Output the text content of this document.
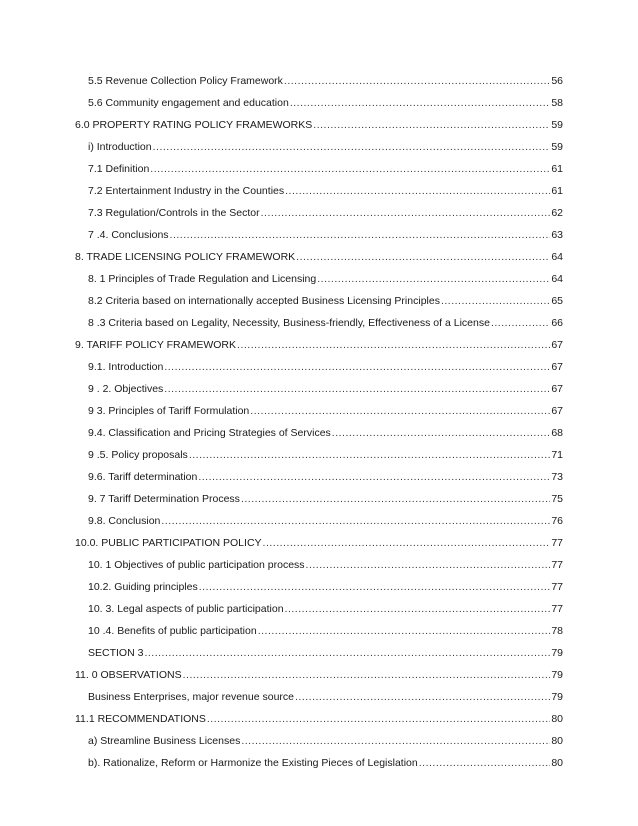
5.5 Revenue Collection Policy Framework .....	56
5.6 Community engagement and education .....	58
6.0 PROPERTY RATING POLICY FRAMEWORKS .....	59
i) Introduction .....	59
7.1 Definition .....	61
7.2 Entertainment Industry in the Counties .....	61
7.3 Regulation/Controls in the Sector .....	62
7 .4. Conclusions .....	63
8. TRADE LICENSING POLICY FRAMEWORK .....	64
8. 1 Principles of Trade Regulation and Licensing .....	64
8.2 Criteria based on internationally accepted Business Licensing Principles .....	65
8 .3 Criteria based on Legality, Necessity, Business-friendly, Effectiveness of a License .....	66
9. TARIFF POLICY FRAMEWORK .....	67
9.1. Introduction .....	67
9 . 2. Objectives .....	67
9 3. Principles of Tariff Formulation .....	67
9.4. Classification and Pricing Strategies of Services .....	68
9 .5. Policy proposals .....	71
9.6. Tariff determination .....	73
9. 7 Tariff Determination Process .....	75
9.8. Conclusion .....	76
10.0. PUBLIC PARTICIPATION POLICY .....	77
10. 1 Objectives of public participation process .....	77
10.2. Guiding principles .....	77
10. 3. Legal aspects of public participation .....	77
10 .4. Benefits of public participation .....	78
SECTION 3 .....	79
11. 0 OBSERVATIONS .....	79
Business Enterprises, major revenue source .....	79
11.1 RECOMMENDATIONS .....	80
a) Streamline Business Licenses .....	80
b). Rationalize, Reform or Harmonize the Existing Pieces of Legislation .....	80
